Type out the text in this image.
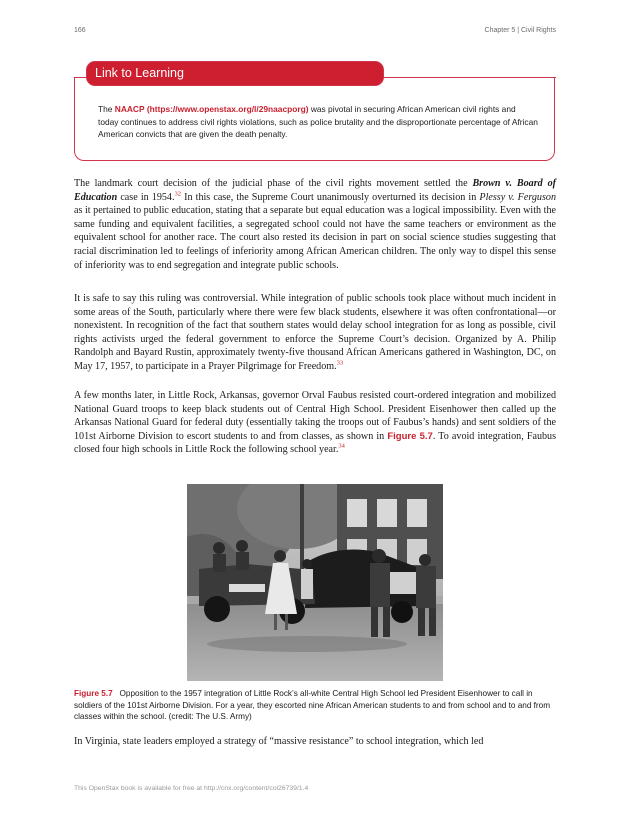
166	Chapter 5 | Civil Rights
Link to Learning
The NAACP (https://www.openstax.org/l/29naacporg) was pivotal in securing African American civil rights and today continues to address civil rights violations, such as police brutality and the disproportionate percentage of African American convicts that are given the death penalty.

The landmark court decision of the judicial phase of the civil rights movement settled the Brown v. Board of Education case in 1954.32 In this case, the Supreme Court unanimously overturned its decision in Plessy v. Ferguson as it pertained to public education, stating that a separate but equal education was a logical impossibility. Even with the same funding and equivalent facilities, a segregated school could not have the same teachers or environment as the equivalent school for another race. The court also rested its decision in part on social science studies suggesting that racial discrimination led to feelings of inferiority among African American children. The only way to dispel this sense of inferiority was to end segregation and integrate public schools.

It is safe to say this ruling was controversial. While integration of public schools took place without much incident in some areas of the South, particularly where there were few black students, elsewhere it was often confrontational—or nonexistent. In recognition of the fact that southern states would delay school integration for as long as possible, civil rights activists urged the federal government to enforce the Supreme Court’s decision. Organized by A. Philip Randolph and Bayard Rustin, approximately twenty-five thousand African Americans gathered in Washington, DC, on May 17, 1957, to participate in a Prayer Pilgrimage for Freedom.$^{33}$

A few months later, in Little Rock, Arkansas, governor Orval Faubus resisted court-ordered integration and mobilized National Guard troops to keep black students out of Central High School. President Eisenhower then called up the Arkansas National Guard for federal duty (essentially taking the troops out of Faubus’s hands) and sent soldiers of the 101st Airborne Division to escort students to and from classes, as shown in Figure 5.7. To avoid integration, Faubus closed four high schools in Little Rock the following school year.$^{34}$

Figure 5.7 Opposition to the 1957 integration of Little Rock’s all-white Central High School led President Eisenhower to call in soldiers of the 101st Airborne Division. For a year, they escorted nine African American students to and from school and to and from classes within the school. (credit: The U.S. Army)

In Virginia, state leaders employed a strategy of “massive resistance” to school integration, which led

This OpenStax book is available for free at http://cnx.org/content/col26739/1.4
